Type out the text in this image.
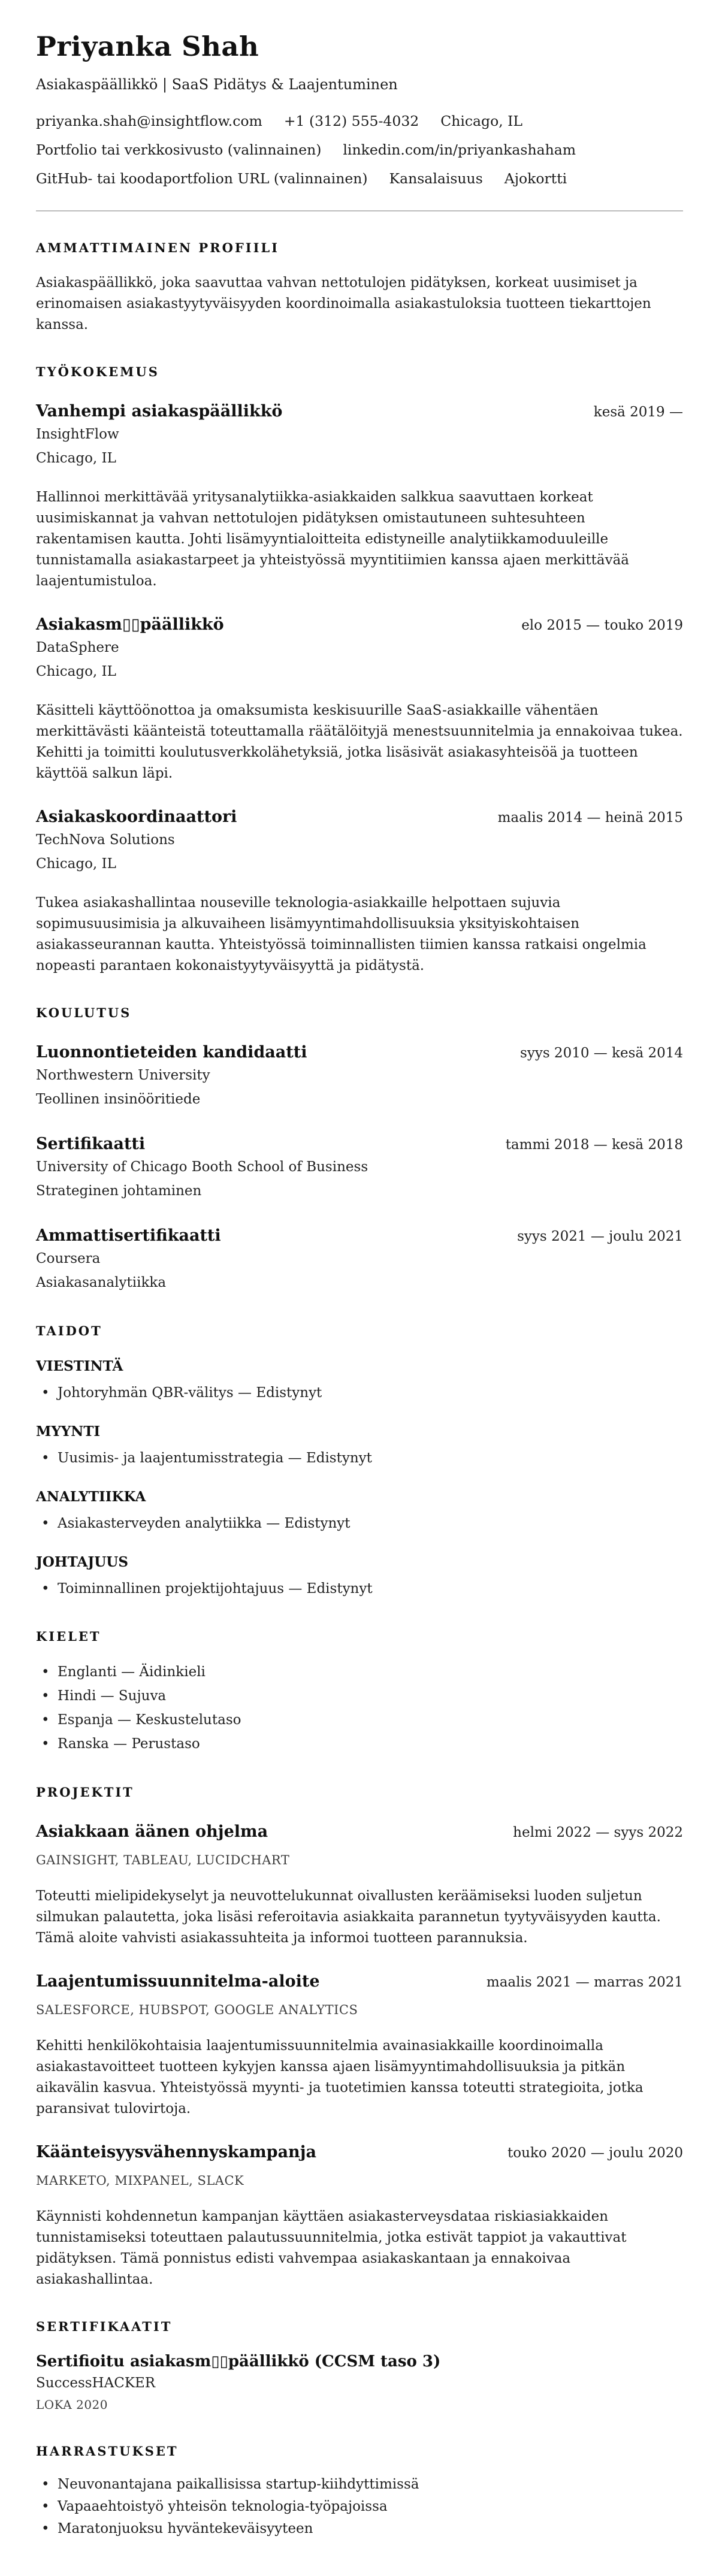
Priyanka Shah

Asiakaspäällikkö | SaaS Pidätys & Laajentuminen

priyanka.shah@insightflow.com +1 (312) 555-4032 Chicago, IL
Portfolio tai verkkosivusto (valinnainen) linkedin.com/in/priyankashaham
GitHub- tai koodaportfolion URL (valinnainen) Kansalaisuus Ajokortti
AMMATTIMAINEN PROFIILI

Asiakaspäällikkö, joka saavuttaa vahvan nettotulojen pidätyksen, korkeat uusimiset ja erinomaisen asiakastyytyväisyyden koordinoimalla asiakastuloksia tuotteen tiekarttojen kanssa.

TYÖKOKEMUS
Vanhempi asiakaspäällikkö	kesä 2019 —
InsightFlow
Chicago, IL

Hallinnoi merkittävää yritysanalytiikka-asiakkaiden salkkua saavuttaen korkeat uusimiskannat ja vahvan nettotulojen pidätyksen omistautuneen suhtesuhteen rakentamisen kautta. Johti lisämyyntialoitteita edistyneille analytiikkamoduuleille tunnistamalla asiakastarpeet ja yhteistyössä myyntitiimien kanssa ajaen merkittävää laajentumistuloa.

Asiakasm▯▯päällikkö	elo 2015 — touko 2019
DataSphere
Chicago, IL

Käsitteli käyttöönottoa ja omaksumista keskisuurille SaaS-asiakkaille vähentäen merkittävästi käänteistä toteuttamalla räätälöityjä menestsuunnitelmia ja ennakoivaa tukea. Kehitti ja toimitti koulutusverkkolähetyksiä, jotka lisäsivät asiakasyhteisöä ja tuotteen käyttöä salkun läpi.

Asiakaskoordinaattori	maalis 2014 — heinä 2015
TechNova Solutions
Chicago, IL

Tukea asiakashallintaa nouseville teknologia-asiakkaille helpottaen sujuvia sopimusuusimisia ja alkuvaiheen lisämyyntimahdollisuuksia yksityiskohtaisen asiakasseurannan kautta. Yhteistyössä toiminnallisten tiimien kanssa ratkaisi ongelmia nopeasti parantaen kokonaistyytyväisyyttä ja pidätystä.

KOULUTUS
Luonnontieteiden kandidaatti	syys 2010 — kesä 2014
Northwestern University
Teollinen insinööritiede
Sertifikaatti	tammi 2018 — kesä 2018
University of Chicago Booth School of Business
Strateginen johtaminen
Ammattisertifikaatti	syys 2021 — joulu 2021
Coursera
Asiakasanalytiikka
TAIDOT
VIESTINTÄ
• Johtoryhmän QBR-välitys — Edistynyt
MYYNTI
• Uusimis- ja laajentumisstrategia — Edistynyt
ANALYTIIKKA
• Asiakasterveyden analytiikka — Edistynyt
JOHTAJUUS
• Toiminnallinen projektijohtajuus — Edistynyt
KIELET
• Englanti — Äidinkieli
• Hindi — Sujuva
• Espanja — Keskustelutaso
• Ranska — Perustaso
PROJEKTIT
Asiakkaan äänen ohjelma	helmi 2022 — syys 2022
GAINSIGHT, TABLEAU, LUCIDCHART

Toteutti mielipidekyselyt ja neuvottelukunnat oivallusten keräämiseksi luoden suljetun silmukan palautetta, joka lisäsi referoitavia asiakkaita parannetun tyytyväisyyden kautta. Tämä aloite vahvisti asiakassuhteita ja informoi tuotteen parannuksia.

Laajentumissuunnitelma-aloite	maalis 2021 — marras 2021
SALESFORCE, HUBSPOT, GOOGLE ANALYTICS

Kehitti henkilökohtaisia laajentumissuunnitelmia avainasiakkaille koordinoimalla asiakastavoitteet tuotteen kykyjen kanssa ajaen lisämyyntimahdollisuuksia ja pitkän aikavälin kasvua. Yhteistyössä myynti- ja tuotetimien kanssa toteutti strategioita, jotka paransivat tulovirtoja.

Käänteisyysvähennyskampanja	touko 2020 — joulu 2020
MARKETO, MIXPANEL, SLACK

Käynnisti kohdennetun kampanjan käyttäen asiakasterveysdataa riskiasiakkaiden tunnistamiseksi toteuttaen palautussuunnitelmia, jotka estivät tappiot ja vakauttivat pidätyksen. Tämä ponnistus edisti vahvempaa asiakaskantaan ja ennakoivaa asiakashallintaa.

SERTIFIKAATIT
Sertifioitu asiakasm▯▯päällikkö (CCSM taso 3)
SuccessHACKER
LOKA 2020
HARRASTUKSET
• Neuvonantajana paikallisissa startup-kiihdyttimissä
• Vapaaehtoistyö yhteisön teknologia-työpajoissa
• Maratonjuoksu hyväntekeväisyyteen
